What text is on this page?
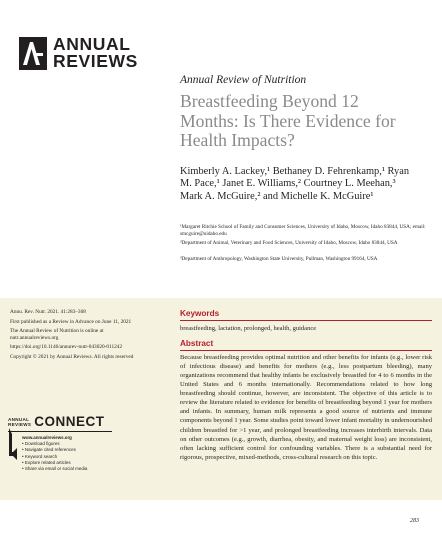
ANNUAL
REVIEWS
Annual Review of Nutrition
Breastfeeding Beyond 12 Months: Is There Evidence for Health Impacts?
Kimberly A. Lackey,¹ Bethaney D. Fehrenkamp,¹ Ryan M. Pace,¹ Janet E. Williams,² Courtney L. Meehan,³ Mark A. McGuire,² and Michelle K. McGuire¹
¹Margaret Ritchie School of Family and Consumer Sciences, University of Idaho, Moscow, Idaho 83844, USA; email: smcguire@uidaho.edu
²Department of Animal, Veterinary and Food Sciences, University of Idaho, Moscow, Idaho 83844, USA
³Department of Anthropology, Washington State University, Pullman, Washington 99164, USA

Annu. Rev. Nutr. 2021. 41:283–308

First published as a Review in Advance on June 11, 2021

The Annual Review of Nutrition is online at nutr.annualreviews.org

https://doi.org/10.1146/annurev-nutr-043020-011242

Copyright © 2021 by Annual Reviews. All rights reserved

ANNUAL
REVIEWS CONNECT
www.annualreviews.org
• Download figures
• Navigate cited references
• Keyword search
• Explore related articles
• Share via email or social media
Keywords
breastfeeding, lactation, prolonged, health, guidance
Abstract
Because breastfeeding provides optimal nutrition and other benefits for infants (e.g., lower risk of infectious disease) and benefits for mothers (e.g., less postpartum bleeding), many organizations recommend that healthy infants be exclusively breastfed for 4 to 6 months in the United States and 6 months internationally. Recommendations related to how long breastfeeding should continue, however, are inconsistent. The objective of this article is to review the literature related to evidence for benefits of breastfeeding beyond 1 year for mothers and infants. In summary, human milk represents a good source of nutrients and immune components beyond 1 year. Some studies point toward lower infant mortality in undernourished children breastfed for >1 year, and prolonged breastfeeding increases interbirth intervals. Data on other outcomes (e.g., growth, diarrhea, obesity, and maternal weight loss) are inconsistent, often lacking sufficient control for confounding variables. There is a substantial need for rigorous, prospective, mixed-methods, cross-cultural research on this topic.
283
